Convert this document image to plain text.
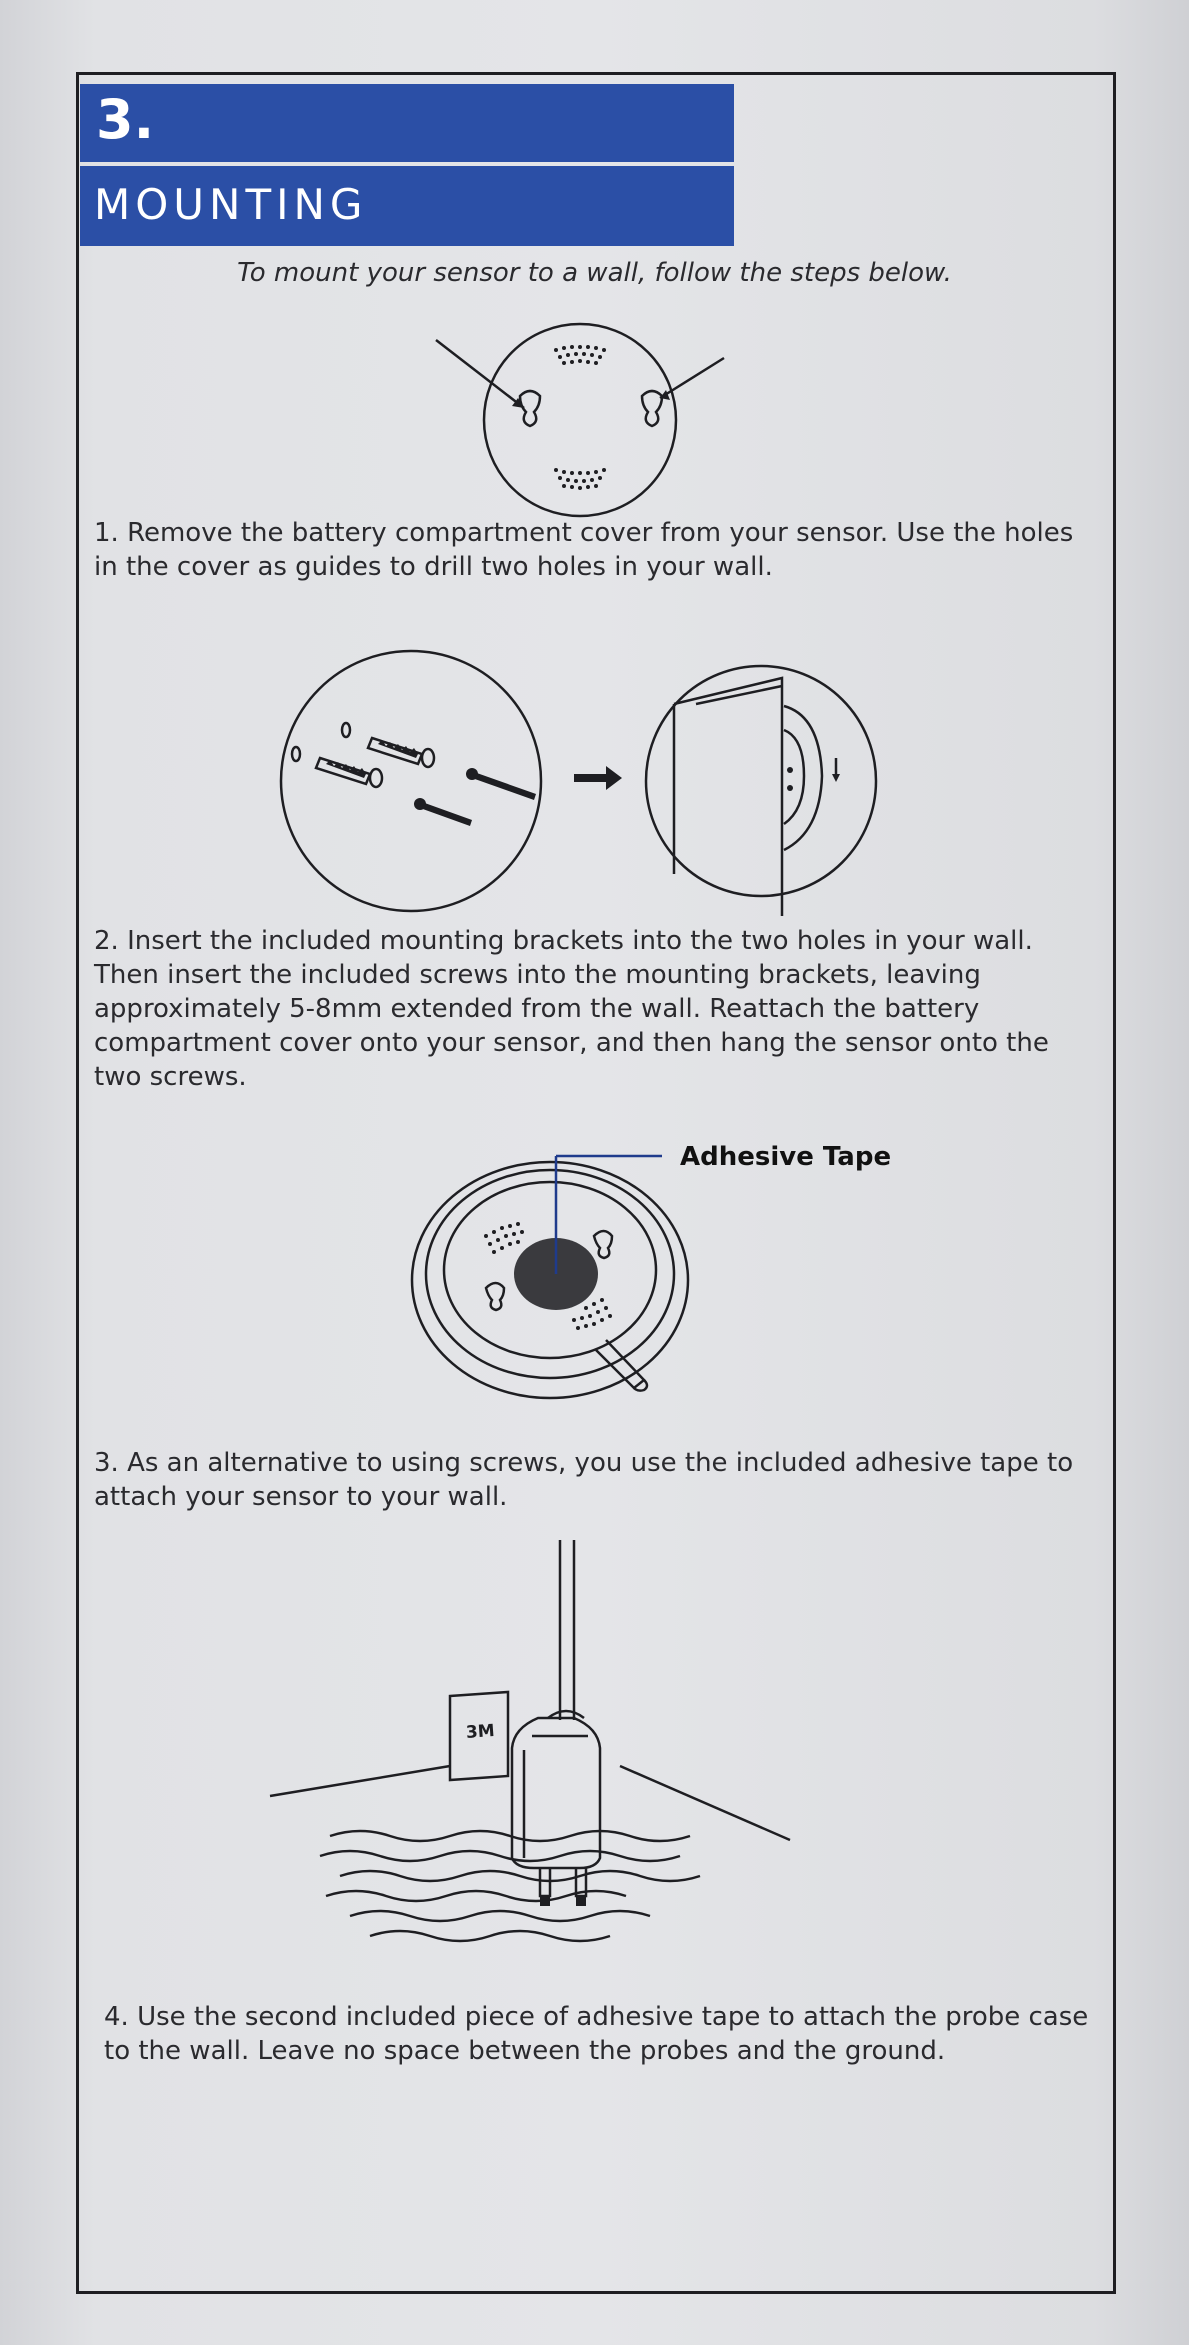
3.
MOUNTING
To mount your sensor to a wall, follow the steps below.
1. Remove the battery compartment cover from your sensor. Use the holes in the cover as guides to drill two holes in your wall.
2. Insert the included mounting brackets into the two holes in your wall. Then insert the included screws into the mounting brackets, leaving approximately 5-8mm extended from the wall. Reattach the battery compartment cover onto your sensor, and then hang the sensor onto the two screws.
Adhesive Tape
3. As an alternative to using screws, you use the included adhesive tape to attach your sensor to your wall.
3M
4. Use the second included piece of adhesive tape to attach the probe case to the wall. Leave no space between the probes and the ground.
